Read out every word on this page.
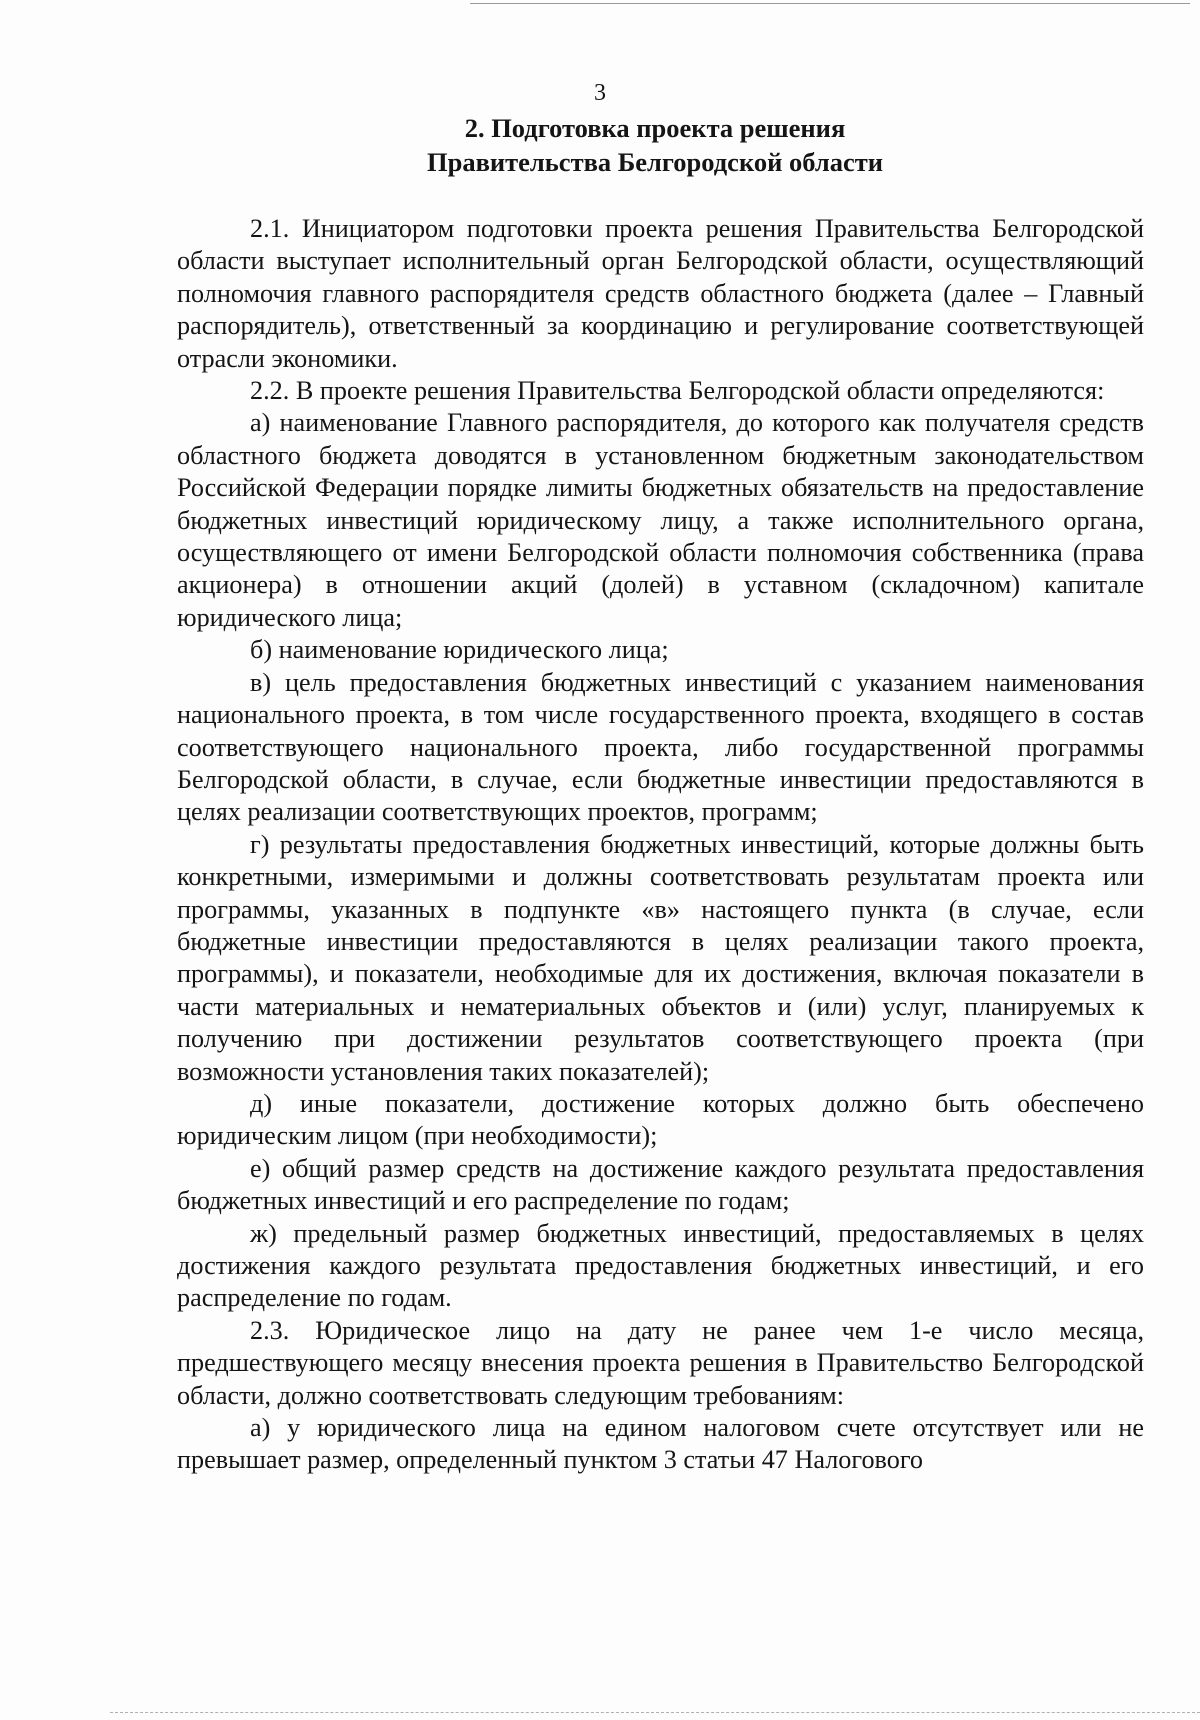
3
2. Подготовка проекта решения
Правительства Белгородской области

2.1. Инициатором подготовки проекта решения Правительства Белгородской области выступает исполнительный орган Белгородской области, осуществляющий полномочия главного распорядителя средств областного бюджета (далее – Главный распорядитель), ответственный за координацию и регулирование соответствующей отрасли экономики.

2.2. В проекте решения Правительства Белгородской области определяются:

а) наименование Главного распорядителя, до которого как получателя средств областного бюджета доводятся в установленном бюджетным законодательством Российской Федерации порядке лимиты бюджетных обязательств на предоставление бюджетных инвестиций юридическому лицу, а также исполнительного органа, осуществляющего от имени Белгородской области полномочия собственника (права акционера) в отношении акций (долей) в уставном (складочном) капитале юридического лица;

б) наименование юридического лица;

в) цель предоставления бюджетных инвестиций с указанием наименования национального проекта, в том числе государственного проекта, входящего в состав соответствующего национального проекта, либо государственной программы Белгородской области, в случае, если бюджетные инвестиции предоставляются в целях реализации соответствующих проектов, программ;

г) результаты предоставления бюджетных инвестиций, которые должны быть конкретными, измеримыми и должны соответствовать результатам проекта или программы, указанных в подпункте «в» настоящего пункта (в случае, если бюджетные инвестиции предоставляются в целях реализации такого проекта, программы), и показатели, необходимые для их достижения, включая показатели в части материальных и нематериальных объектов и (или) услуг, планируемых к получению при достижении результатов соответствующего проекта (при возможности установления таких показателей);

д) иные показатели, достижение которых должно быть обеспечено юридическим лицом (при необходимости);

е) общий размер средств на достижение каждого результата предоставления бюджетных инвестиций и его распределение по годам;

ж) предельный размер бюджетных инвестиций, предоставляемых в целях достижения каждого результата предоставления бюджетных инвестиций, и его распределение по годам.

2.3. Юридическое лицо на дату не ранее чем 1-е число месяца, предшествующего месяцу внесения проекта решения в Правительство Белгородской области, должно соответствовать следующим требованиям:

а) у юридического лица на едином налоговом счете отсутствует или не превышает размер, определенный пунктом 3 статьи 47 Налогового
